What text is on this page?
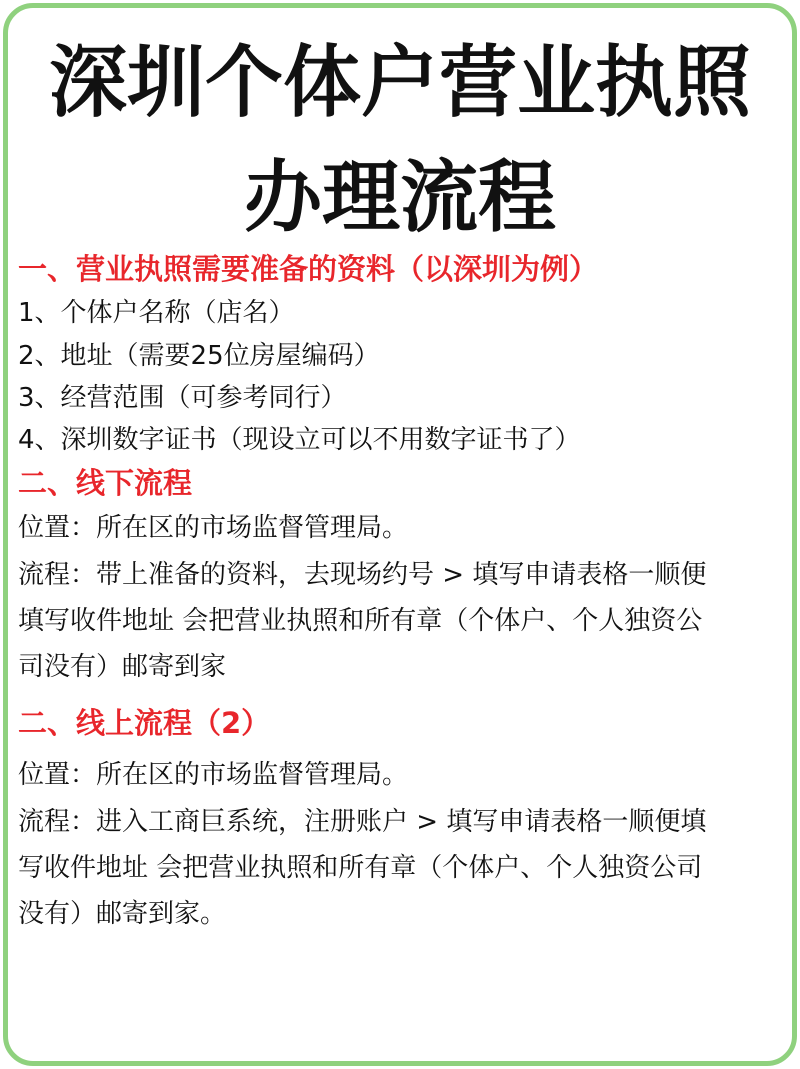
深圳个体户营业执照
办理流程
一、营业执照需要准备的资料（以深圳为例）
1、个体户名称（店名）
2、地址（需要25位房屋编码）
3、经营范围（可参考同行）
4、深圳数字证书（现设立可以不用数字证书了）
二、线下流程
位置：所在区的市场监督管理局。
流程：带上准备的资料，去现场约号 > 填写申请表格一顺便
填写收件地址 会把营业执照和所有章（个体户、个人独资公
司没有）邮寄到家
二、线上流程（2）
位置：所在区的市场监督管理局。
流程：进入工商巨系统，注册账户 > 填写申请表格一顺便填
写收件地址 会把营业执照和所有章（个体户、个人独资公司
没有）邮寄到家。
